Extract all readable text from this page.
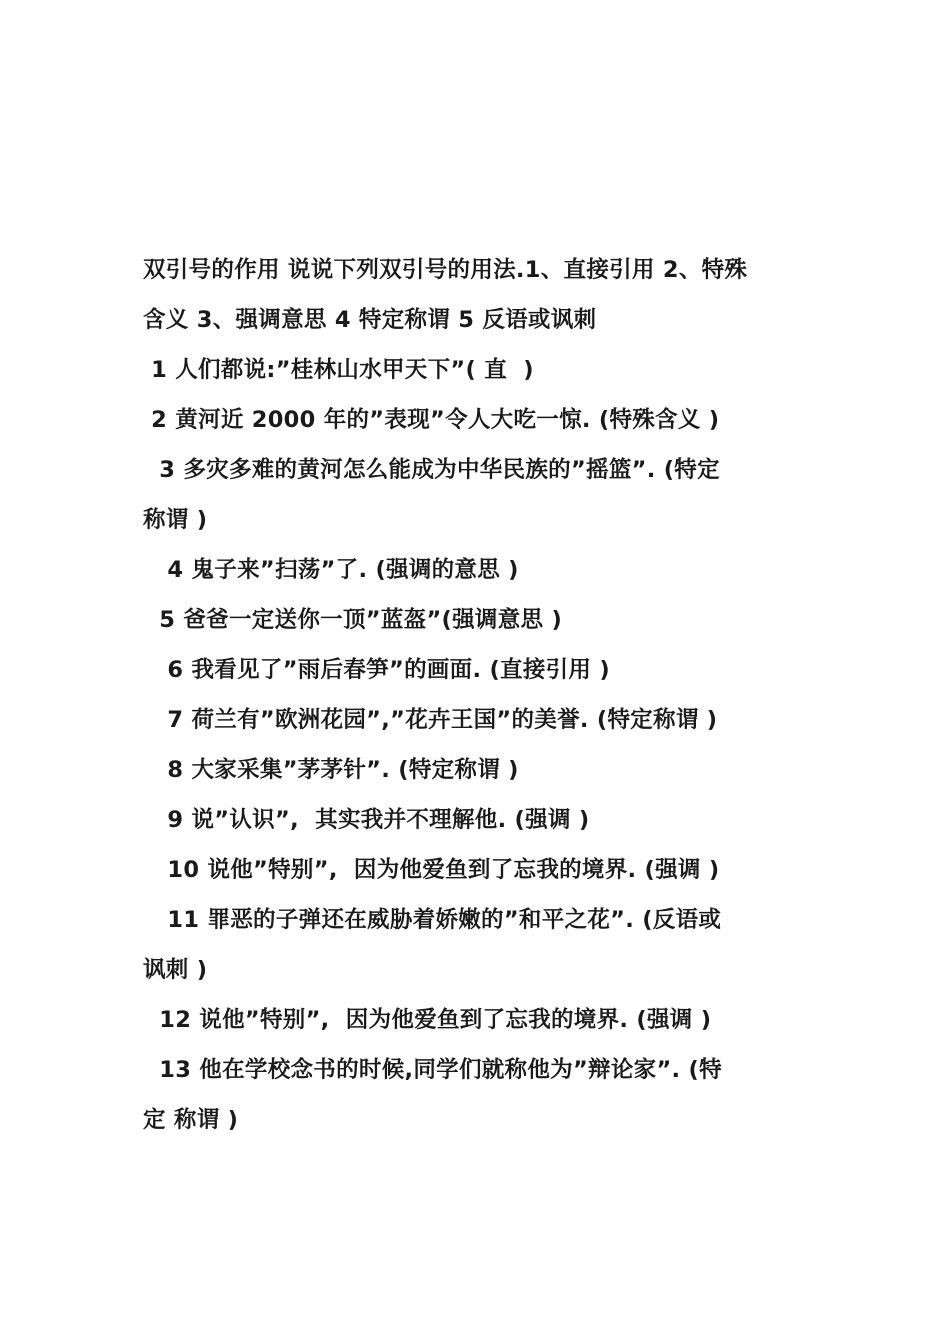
双引号的作用 说说下列双引号的用法.1、直接引用 2、特殊
含义 3、强调意思 4 特定称谓 5 反语或讽刺
1 人们都说:”桂林山水甲天下”( 直  )
2 黄河近 2000 年的”表现”令人大吃一惊. (特殊含义 )
3 多灾多难的黄河怎么能成为中华民族的”摇篮”. (特定
称谓 )
4 鬼子来”扫荡”了. (强调的意思 )
5 爸爸一定送你一顶”蓝盔”(强调意思 )
6 我看见了”雨后春笋”的画面. (直接引用 )
7 荷兰有”欧洲花园”,”花卉王国”的美誉. (特定称谓 )
8 大家采集”茅茅针”. (特定称谓 )
9 说”认识”,  其实我并不理解他. (强调 )
10 说他”特别”,  因为他爱鱼到了忘我的境界. (强调 )
11 罪恶的子弹还在威胁着娇嫩的”和平之花”. (反语或
讽刺 )
12 说他”特别”,  因为他爱鱼到了忘我的境界. (强调 )
13 他在学校念书的时候,同学们就称他为”辩论家”. (特
定 称谓 )
